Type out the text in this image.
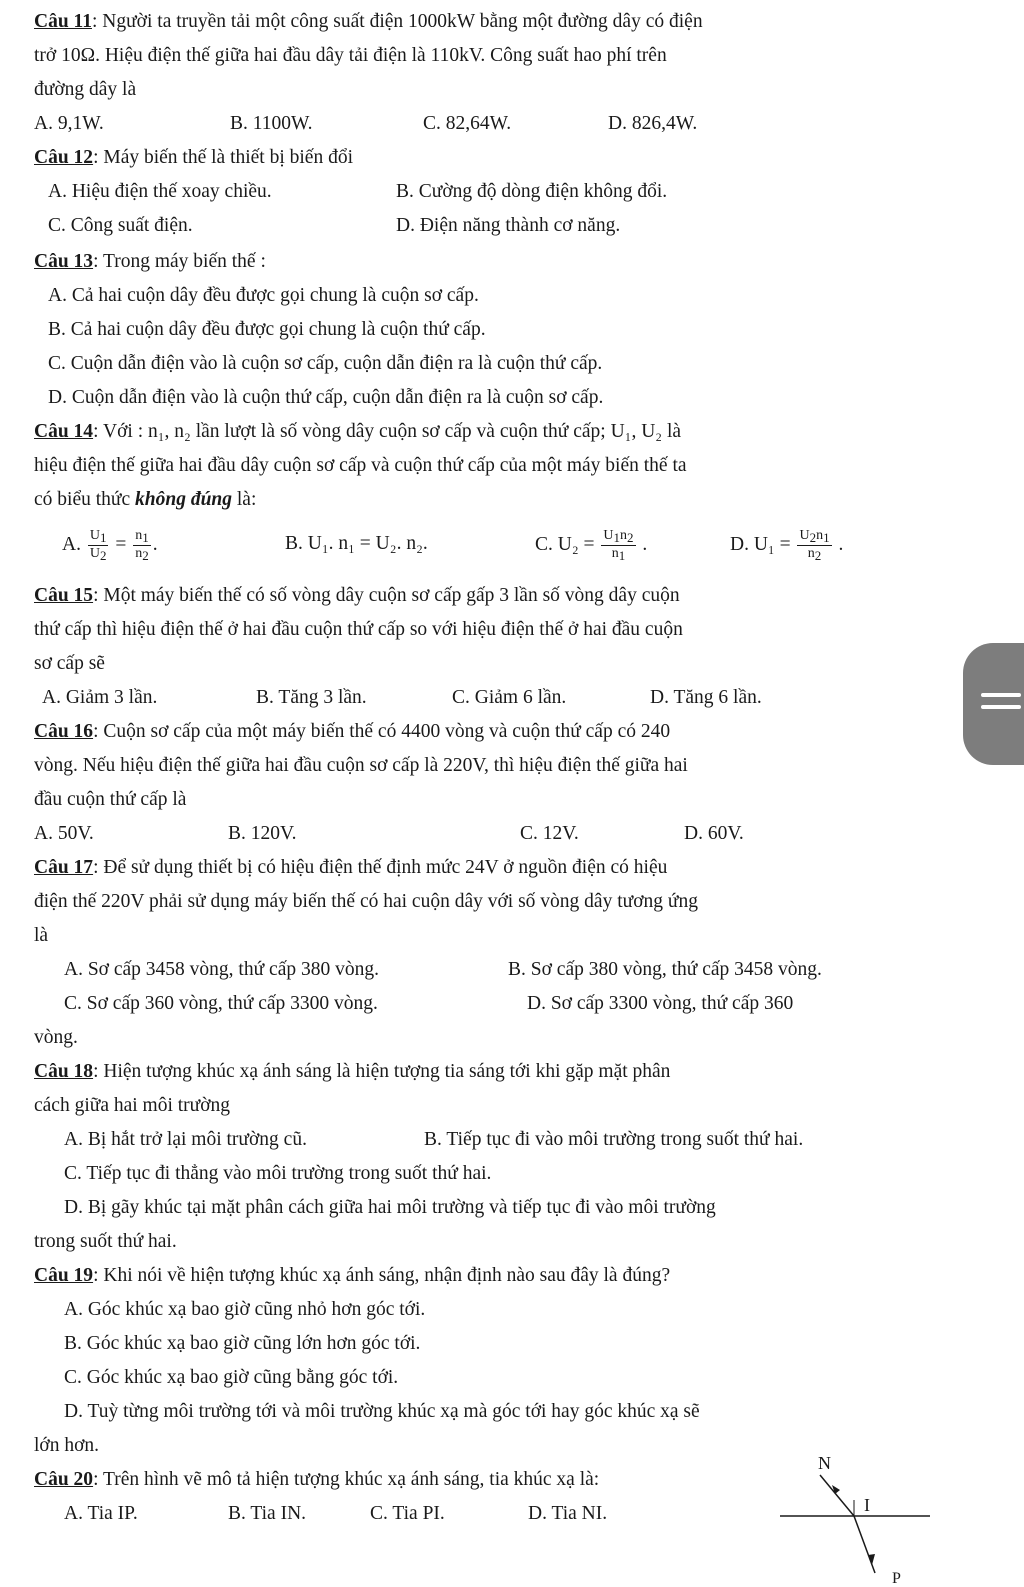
Câu 11: Người ta truyền tải một công suất điện 1000kW bằng một đường dây có điện
trở 10Ω. Hiệu điện thế giữa hai đầu dây tải điện là 110kV. Công suất hao phí trên
đường dây là
A. 9,1W.	B. 1100W.	C. 82,64W.	D. 826,4W.
Câu 12: Máy biến thế là thiết bị biến đổi
A. Hiệu điện thế xoay chiều.	B. Cường độ dòng điện không đổi.
C. Công suất điện.	D. Điện năng thành cơ năng.
Câu 13: Trong máy biến thế :
A. Cả hai cuộn dây đều được gọi chung là cuộn sơ cấp.
B. Cả hai cuộn dây đều được gọi chung là cuộn thứ cấp.
C. Cuộn dẫn điện vào là cuộn sơ cấp, cuộn dẫn điện ra là cuộn thứ cấp.
D. Cuộn dẫn điện vào là cuộn thứ cấp, cuộn dẫn điện ra là cuộn sơ cấp.
Câu 14: Với : n₁, n₂ lần lượt là số vòng dây cuộn sơ cấp và cuộn thứ cấp; U₁, U₂ là
hiệu điện thế giữa hai đầu dây cuộn sơ cấp và cuộn thứ cấp của một máy biến thế ta
có biểu thức không đúng là:
A. $\frac{U1}{U2} = \frac{n1}{n2}$ .	B. U₁. n₁ = U₂. n₂.	C. $U_2 = \frac{U1n2}{n1}$ .	D. $U_1 = \frac{U2n1}{n2}$ .
Câu 15: Một máy biến thế có số vòng dây cuộn sơ cấp gấp 3 lần số vòng dây cuộn
thứ cấp thì hiệu điện thế ở hai đầu cuộn thứ cấp so với hiệu điện thế ở hai đầu cuộn
sơ cấp sẽ
A. Giảm 3 lần.	B. Tăng 3 lần.	C. Giảm 6 lần.	D. Tăng 6 lần.
Câu 16: Cuộn sơ cấp của một máy biến thế có 4400 vòng và cuộn thứ cấp có 240
vòng. Nếu hiệu điện thế giữa hai đầu cuộn sơ cấp là 220V, thì hiệu điện thế giữa hai
đầu cuộn thứ cấp là
A. 50V.	B. 120V.	C. 12V.	D. 60V.
Câu 17: Để sử dụng thiết bị có hiệu điện thế định mức 24V ở nguồn điện có hiệu
điện thế 220V phải sử dụng máy biến thế có hai cuộn dây với số vòng dây tương ứng
là
A. Sơ cấp 3458 vòng, thứ cấp 380 vòng.	B. Sơ cấp 380 vòng, thứ cấp 3458 vòng.
C. Sơ cấp 360 vòng, thứ cấp 3300 vòng.	D. Sơ cấp 3300 vòng, thứ cấp 360
vòng.
Câu 18: Hiện tượng khúc xạ ánh sáng là hiện tượng tia sáng tới khi gặp mặt phân
cách giữa hai môi trường
A. Bị hắt trở lại môi trường cũ.	B. Tiếp tục đi vào môi trường trong suốt thứ hai.
C. Tiếp tục đi thẳng vào môi trường trong suốt thứ hai.
D. Bị gãy khúc tại mặt phân cách giữa hai môi trường và tiếp tục đi vào môi trường
trong suốt thứ hai.
Câu 19: Khi nói về hiện tượng khúc xạ ánh sáng, nhận định nào sau đây là đúng?
A. Góc khúc xạ bao giờ cũng nhỏ hơn góc tới.
B. Góc khúc xạ bao giờ cũng lớn hơn góc tới.
C. Góc khúc xạ bao giờ cũng bằng góc tới.
D. Tuỳ từng môi trường tới và môi trường khúc xạ mà góc tới hay góc khúc xạ sẽ
lớn hơn.
Câu 20: Trên hình vẽ mô tả hiện tượng khúc xạ ánh sáng, tia khúc xạ là:
A. Tia IP.	B. Tia IN.	C. Tia PI.	D. Tia NI.
N
I
P
